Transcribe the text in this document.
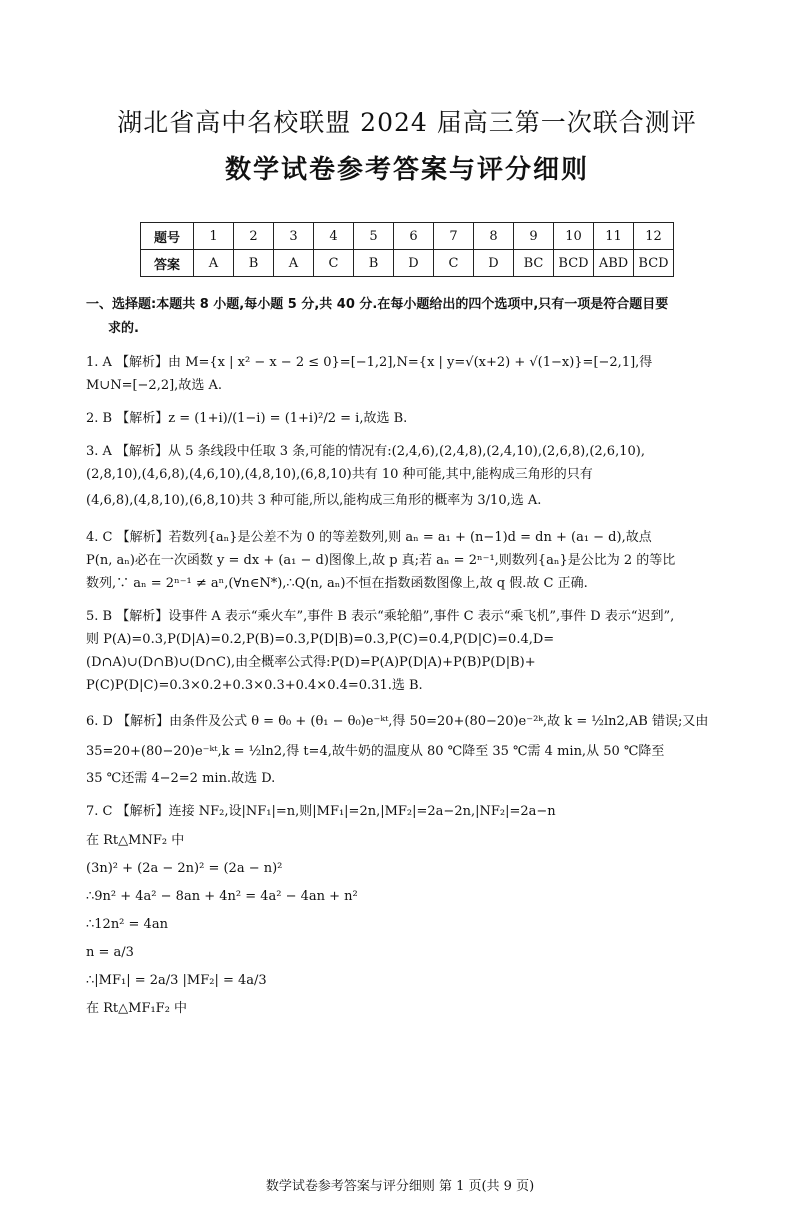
湖北省高中名校联盟 2024 届高三第一次联合测评
数学试卷参考答案与评分细则
题号	1	2	3	4	5	6	7	8	9	10	11	12
答案	A	B	A	C	B	D	C	D	BC	BCD	ABD	BCD
一、选择题:本题共 8 小题,每小题 5 分,共 40 分.在每小题给出的四个选项中,只有一项是符合题目要
求的.
1. A 【解析】由 M={x | x² − x − 2 ≤ 0}=[−1,2],N={x | y=√(x+2) + √(1−x)}=[−2,1],得
M∪N=[−2,2],故选 A.
2. B 【解析】z = (1+i)/(1−i) = (1+i)²/2 = i,故选 B.
3. A 【解析】从 5 条线段中任取 3 条,可能的情况有:(2,4,6),(2,4,8),(2,4,10),(2,6,8),(2,6,10),
(2,8,10),(4,6,8),(4,6,10),(4,8,10),(6,8,10)共有 10 种可能,其中,能构成三角形的只有
(4,6,8),(4,8,10),(6,8,10)共 3 种可能,所以,能构成三角形的概率为 3/10,选 A.
4. C 【解析】若数列{aₙ}是公差不为 0 的等差数列,则 aₙ = a₁ + (n−1)d = dn + (a₁ − d),故点
P(n, aₙ)必在一次函数 y = dx + (a₁ − d)图像上,故 p 真;若 aₙ = 2ⁿ⁻¹,则数列{aₙ}是公比为 2 的等比
数列,∵ aₙ = 2ⁿ⁻¹ ≠ aⁿ,(∀n∈N*),∴Q(n, aₙ)不恒在指数函数图像上,故 q 假.故 C 正确.
5. B 【解析】设事件 A 表示“乘火车”,事件 B 表示“乘轮船”,事件 C 表示“乘飞机”,事件 D 表示“迟到”,
则 P(A)=0.3,P(D|A)=0.2,P(B)=0.3,P(D|B)=0.3,P(C)=0.4,P(D|C)=0.4,D=
(D∩A)∪(D∩B)∪(D∩C),由全概率公式得:P(D)=P(A)P(D|A)+P(B)P(D|B)+
P(C)P(D|C)=0.3×0.2+0.3×0.3+0.4×0.4=0.31.选 B.
6. D 【解析】由条件及公式 θ = θ₀ + (θ₁ − θ₀)e⁻ᵏᵗ,得 50=20+(80−20)e⁻²ᵏ,故 k = ½ln2,AB 错误;又由
35=20+(80−20)e⁻ᵏᵗ,k = ½ln2,得 t=4,故牛奶的温度从 80 ℃降至 35 ℃需 4 min,从 50 ℃降至
35 ℃还需 4−2=2 min.故选 D.
7. C 【解析】连接 NF₂,设|NF₁|=n,则|MF₁|=2n,|MF₂|=2a−2n,|NF₂|=2a−n
在 Rt△MNF₂ 中
(3n)² + (2a − 2n)² = (2a − n)²
∴9n² + 4a² − 8an + 4n² = 4a² − 4an + n²
∴12n² = 4an
n = a/3
∴|MF₁| = 2a/3 |MF₂| = 4a/3
在 Rt△MF₁F₂ 中
数学试卷参考答案与评分细则 第 1 页(共 9 页)
